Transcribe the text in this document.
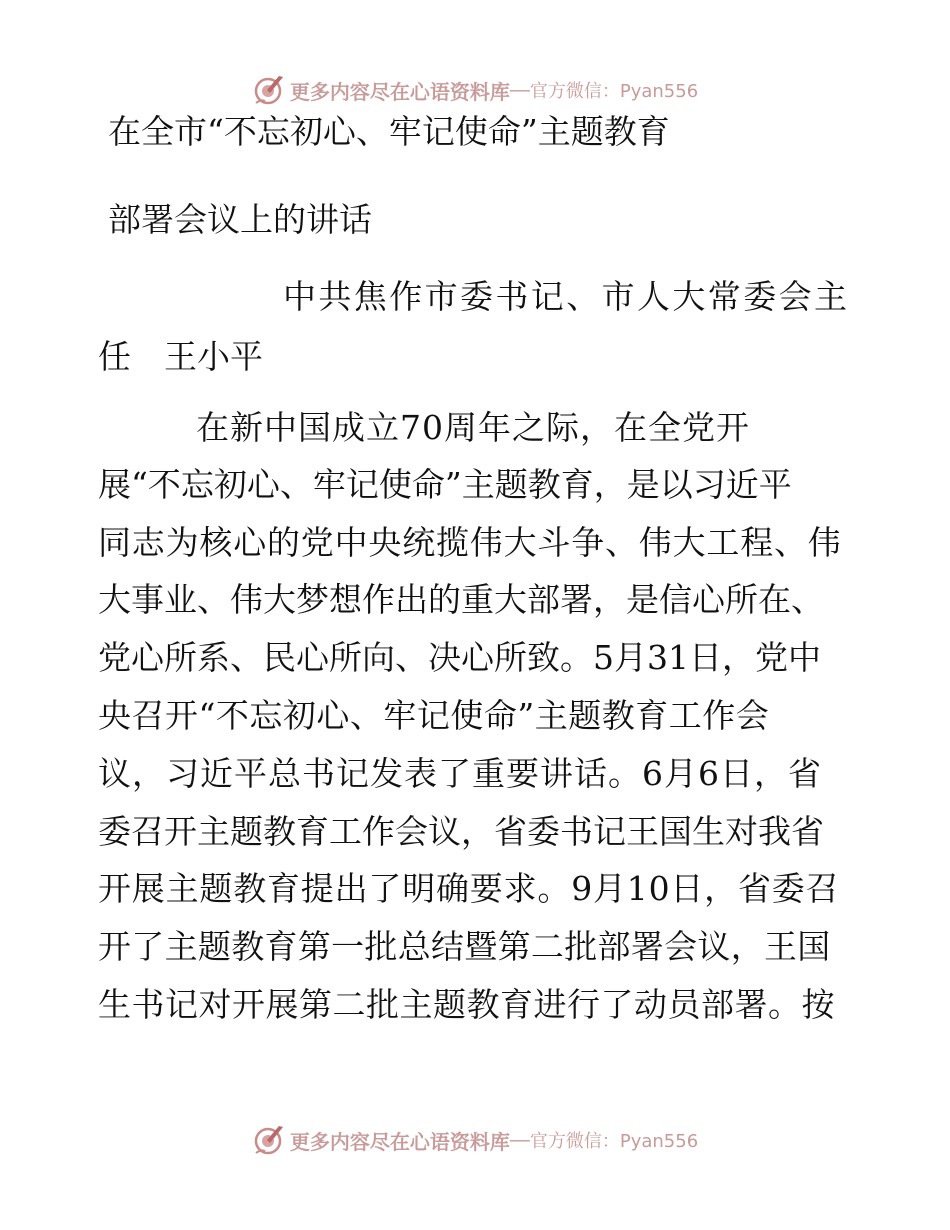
更多内容尽在心语资料库 — 官方微信：Pyan556
在全市“不忘初心、牢记使命”主题教育
部署会议上的讲话
中共焦作市委书记、市人大常委会主
任　王小平
在新中国成立70周年之际，在全党开
展“不忘初心、牢记使命”主题教育，是以习近平
同志为核心的党中央统揽伟大斗争、伟大工程、伟
大事业、伟大梦想作出的重大部署，是信心所在、
党心所系、民心所向、决心所致。5月31日，党中
央召开“不忘初心、牢记使命”主题教育工作会
议，习近平总书记发表了重要讲话。6月6日，省
委召开主题教育工作会议，省委书记王国生对我省
开展主题教育提出了明确要求。9月10日，省委召
开了主题教育第一批总结暨第二批部署会议，王国
生书记对开展第二批主题教育进行了动员部署。按
更多内容尽在心语资料库 — 官方微信：Pyan556
